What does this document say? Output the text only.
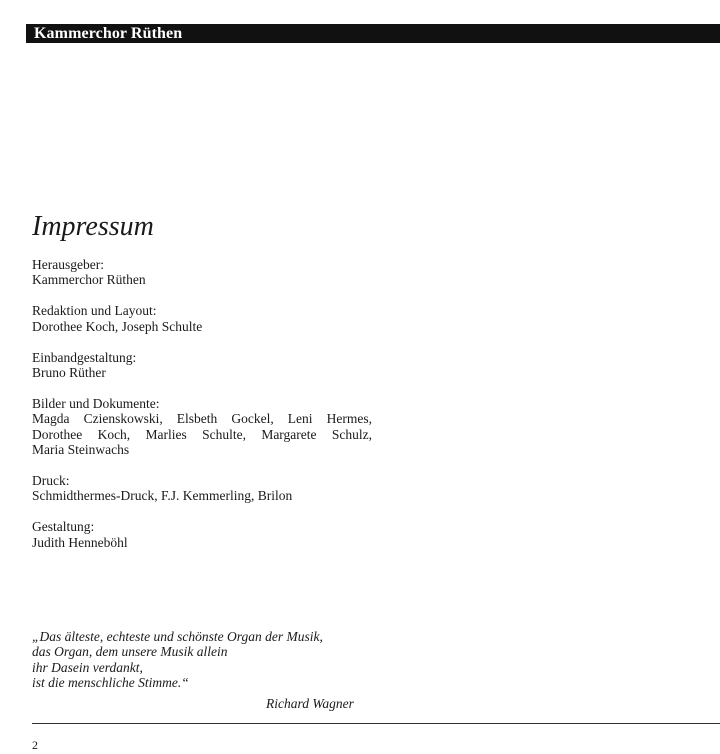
Kammerchor Rüthen
Impressum
Herausgeber:
Kammerchor Rüthen
Redaktion und Layout:
Dorothee Koch, Joseph Schulte
Einbandgestaltung:
Bruno Rüther
Bilder und Dokumente:
Magda Czienskowski, Elsbeth Gockel, Leni Hermes,
Dorothee Koch, Marlies Schulte, Margarete Schulz,
Maria Steinwachs
Druck:
Schmidthermes-Druck, F.J. Kemmerling, Brilon
Gestaltung:
Judith Henneböhl
„Das älteste, echteste und schönste Organ der Musik,
das Organ, dem unsere Musik allein
ihr Dasein verdankt,
ist die menschliche Stimme.“
Richard Wagner
2
